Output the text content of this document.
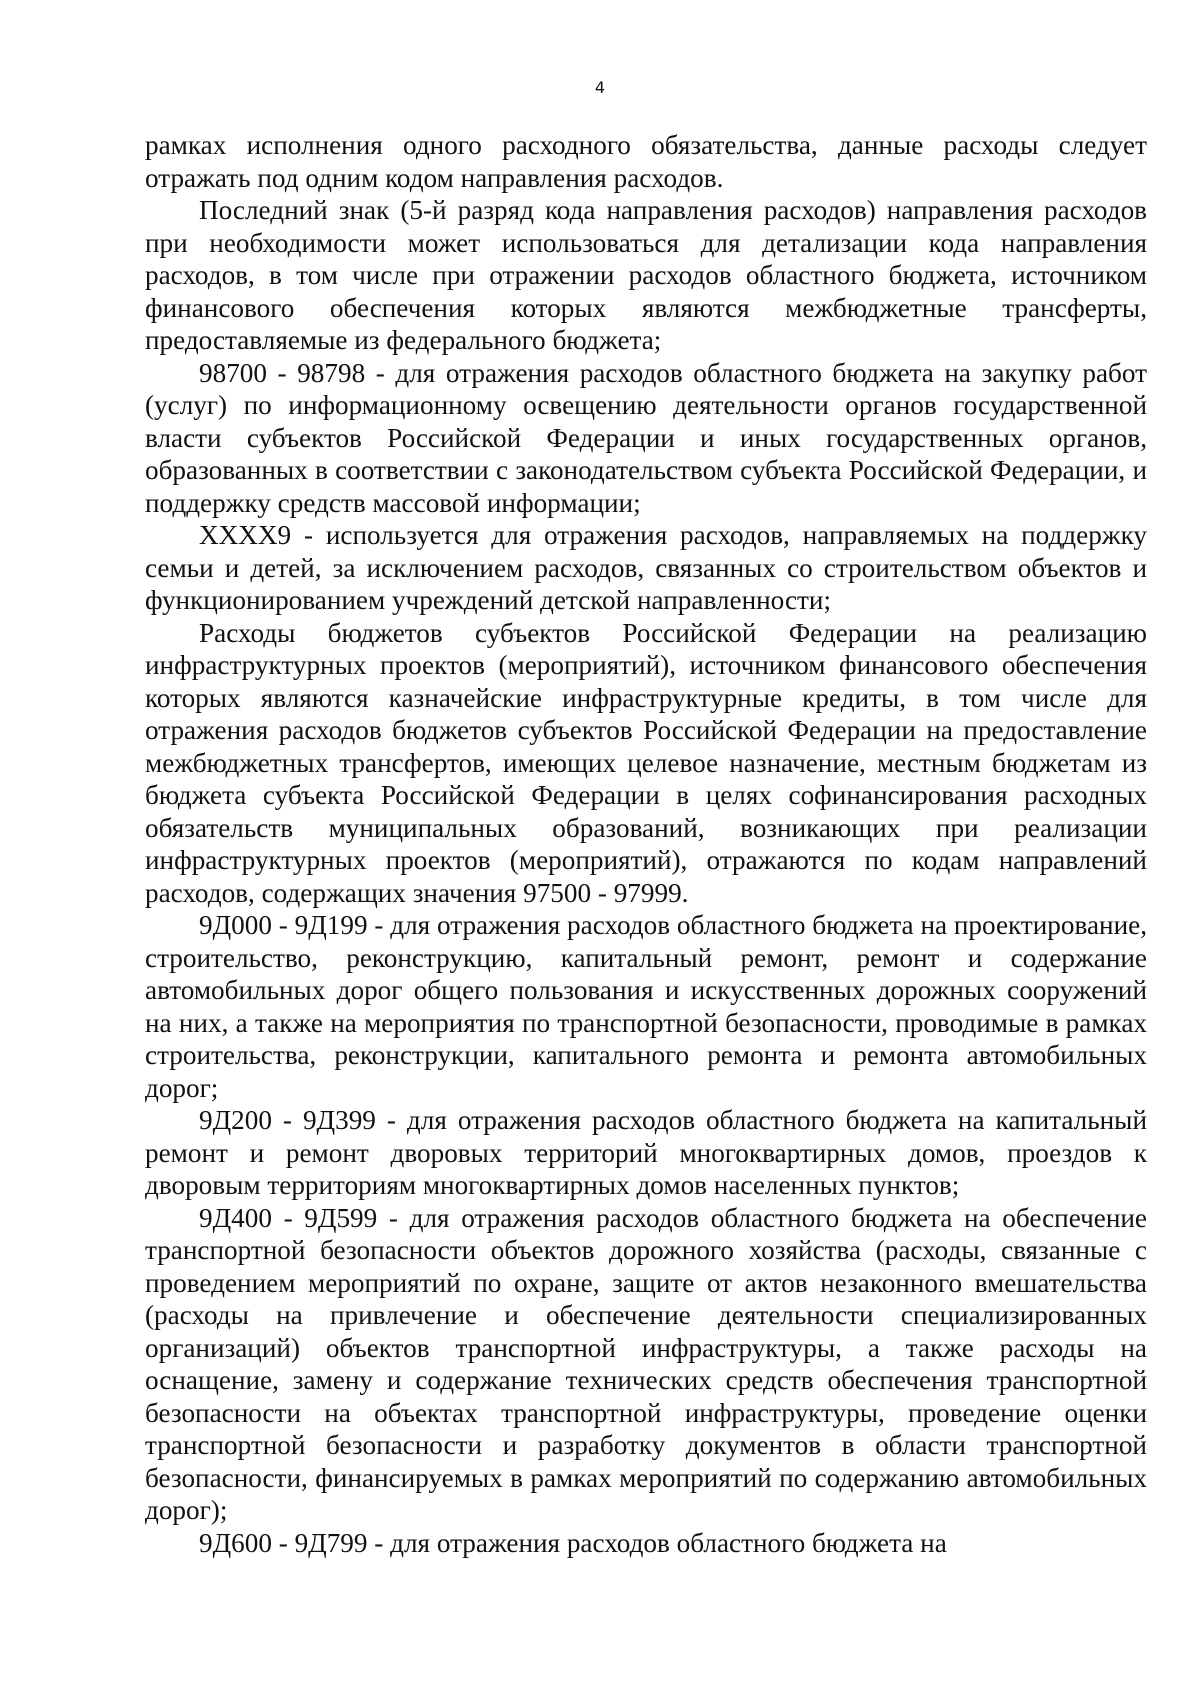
4

рамках исполнения одного расходного обязательства, данные расходы следует отражать под одним кодом направления расходов.

Последний знак (5-й разряд кода направления расходов) направления расходов при необходимости может использоваться для детализации кода направления расходов, в том числе при отражении расходов областного бюджета, источником финансового обеспечения которых являются межбюджетные трансферты, предоставляемые из федерального бюджета;

98700 - 98798 - для отражения расходов областного бюджета на закупку работ (услуг) по информационному освещению деятельности органов государственной власти субъектов Российской Федерации и иных государственных органов, образованных в соответствии с законодательством субъекта Российской Федерации, и поддержку средств массовой информации;

XXXX9 - используется для отражения расходов, направляемых на поддержку семьи и детей, за исключением расходов, связанных со строительством объектов и функционированием учреждений детской направленности;

Расходы бюджетов субъектов Российской Федерации на реализацию инфраструктурных проектов (мероприятий), источником финансового обеспечения которых являются казначейские инфраструктурные кредиты, в том числе для отражения расходов бюджетов субъектов Российской Федерации на предоставление межбюджетных трансфертов, имеющих целевое назначение, местным бюджетам из бюджета субъекта Российской Федерации в целях софинансирования расходных обязательств муниципальных образований, возникающих при реализации инфраструктурных проектов (мероприятий), отражаются по кодам направлений расходов, содержащих значения 97500 - 97999.

9Д000 - 9Д199 - для отражения расходов областного бюджета на проектирование, строительство, реконструкцию, капитальный ремонт, ремонт и содержание автомобильных дорог общего пользования и искусственных дорожных сооружений на них, а также на мероприятия по транспортной безопасности, проводимые в рамках строительства, реконструкции, капитального ремонта и ремонта автомобильных дорог;

9Д200 - 9Д399 - для отражения расходов областного бюджета на капитальный ремонт и ремонт дворовых территорий многоквартирных домов, проездов к дворовым территориям многоквартирных домов населенных пунктов;

9Д400 - 9Д599 - для отражения расходов областного бюджета на обеспечение транспортной безопасности объектов дорожного хозяйства (расходы, связанные с проведением мероприятий по охране, защите от актов незаконного вмешательства (расходы на привлечение и обеспечение деятельности специализированных организаций) объектов транспортной инфраструктуры, а также расходы на оснащение, замену и содержание технических средств обеспечения транспортной безопасности на объектах транспортной инфраструктуры, проведение оценки транспортной безопасности и разработку документов в области транспортной безопасности, финансируемых в рамках мероприятий по содержанию автомобильных дорог);

9Д600 - 9Д799 - для отражения расходов областного бюджета на
